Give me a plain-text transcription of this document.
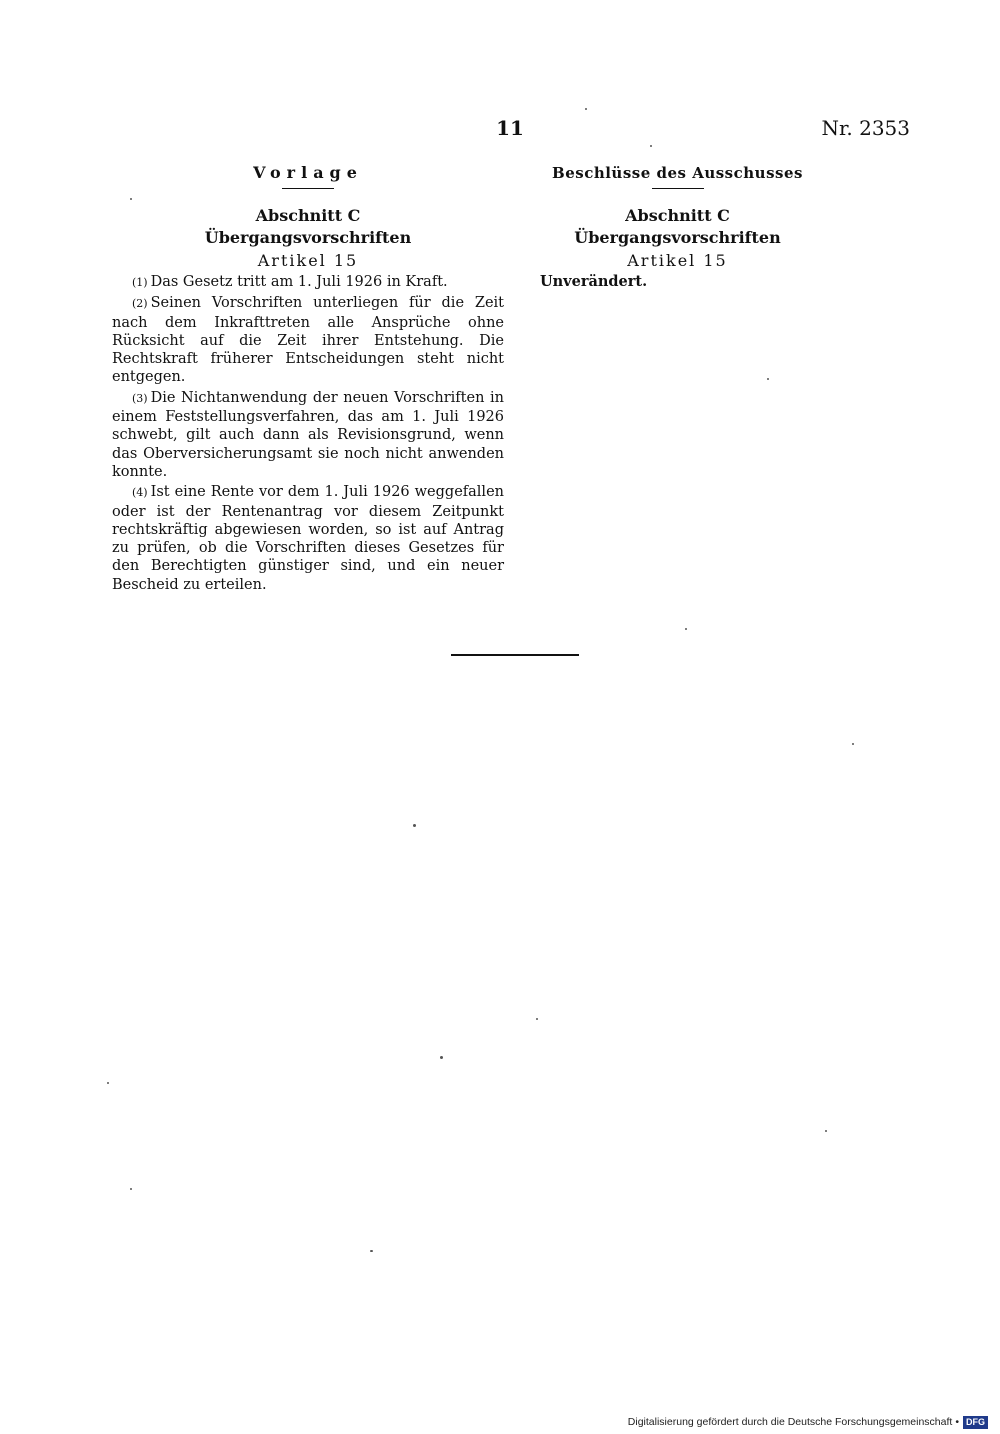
11	Nr. 2353
Vorlage
Abschnitt C
Übergangsvorschriften
Artikel 15

(1) Das Gesetz tritt am 1. Juli 1926 in Kraft.

(2) Seinen Vorschriften unterliegen für die Zeit nach dem Inkrafttreten alle Ansprüche ohne Rücksicht auf die Zeit ihrer Entstehung. Die Rechtskraft früherer Entscheidungen steht nicht entgegen.

(3) Die Nichtanwendung der neuen Vorschriften in einem Feststellungsverfahren, das am 1. Juli 1926 schwebt, gilt auch dann als Revisionsgrund, wenn das Oberversicherungsamt sie noch nicht anwenden konnte.

(4) Ist eine Rente vor dem 1. Juli 1926 weggefallen oder ist der Rentenantrag vor diesem Zeitpunkt rechtskräftig abgewiesen worden, so ist auf Antrag zu prüfen, ob die Vorschriften dieses Gesetzes für den Berechtigten günstiger sind, und ein neuer Bescheid zu erteilen.

Beschlüsse des Ausschusses
Abschnitt C
Übergangsvorschriften
Artikel 15
Unverändert.
Digitalisierung gefördert durch die Deutsche Forschungsgemeinschaft • DFG
